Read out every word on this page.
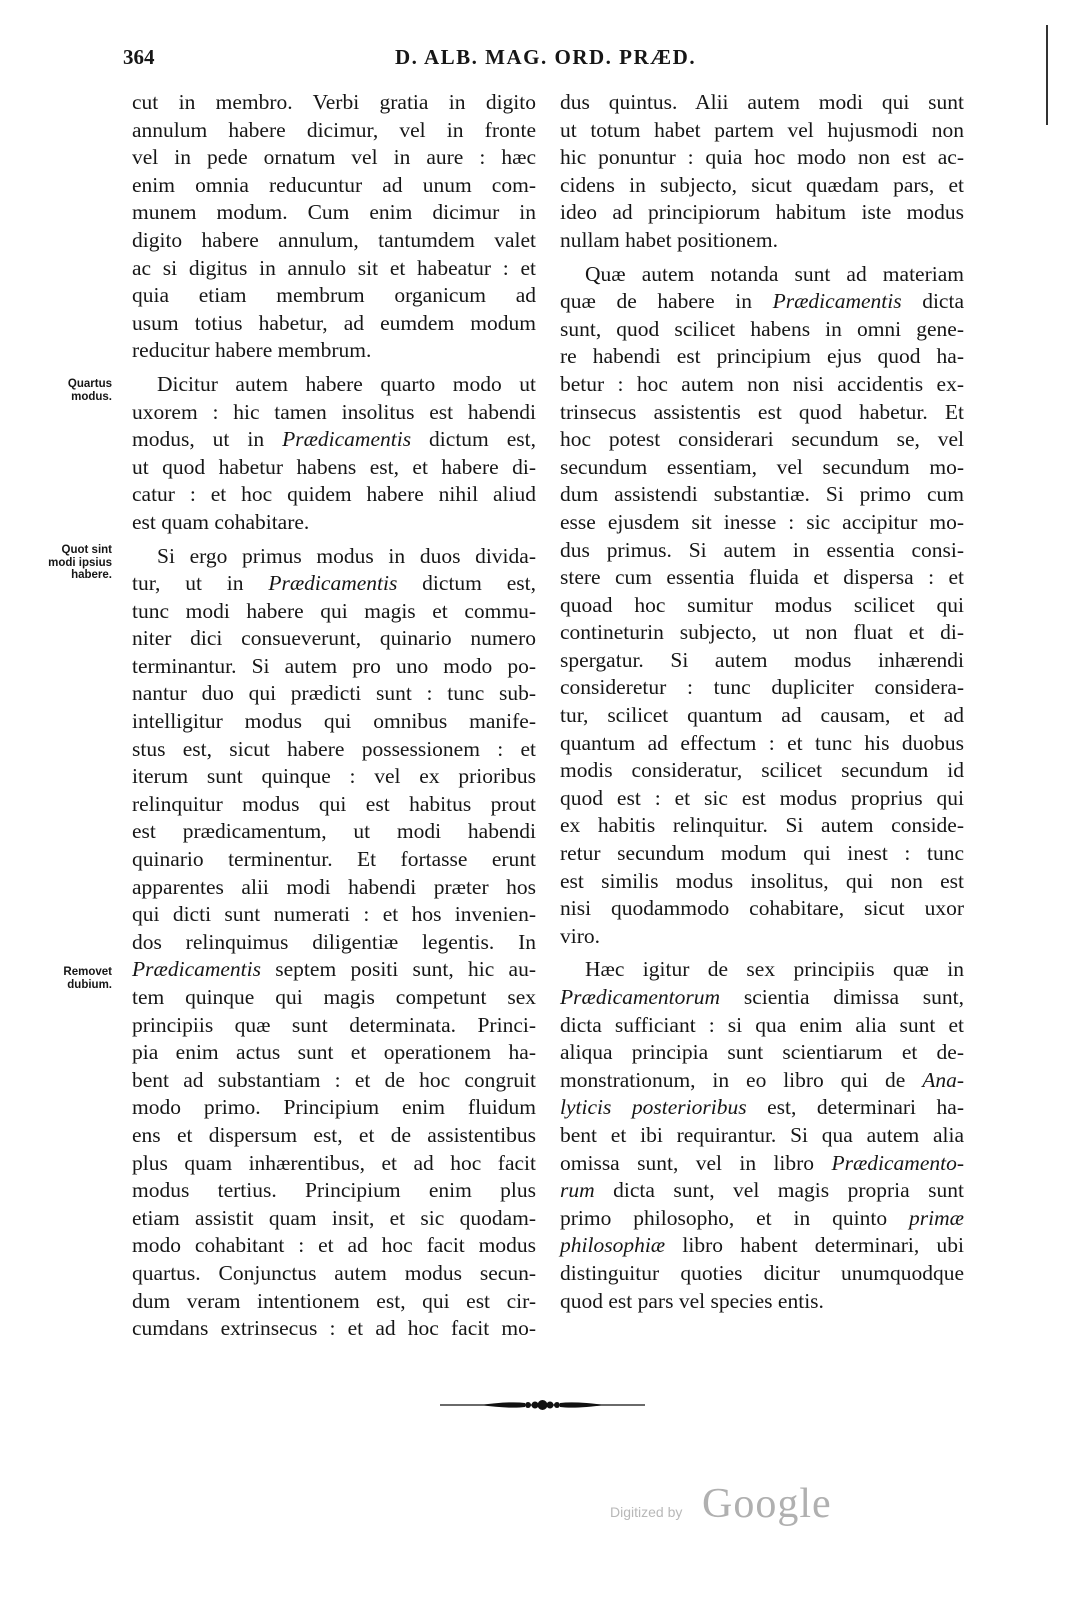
364	D. ALB. MAG. ORD. PRÆD.

cut in membro. Verbi gratia in digito
annulum habere dicimur, vel in fronte
vel in pede ornatum vel in aure : hæc
enim omnia reducuntur ad unum com-
munem modum. Cum enim dicimur in
digito habere annulum, tantumdem valet
ac si digitus in annulo sit et habeatur : et
quia etiam membrum organicum ad
usum totius habetur, ad eumdem modum
reducitur habere membrum.

Dicitur autem habere quarto modo ut
uxorem : hic tamen insolitus est habendi
modus, ut in Prædicamentis dictum est,
ut quod habetur habens est, et habere di-
catur : et hoc quidem habere nihil aliud
est quam cohabitare.

Si ergo primus modus in duos divida-
tur, ut in Prædicamentis dictum est,
tunc modi habere qui magis et commu-
niter dici consueverunt, quinario numero
terminantur. Si autem pro uno modo po-
nantur duo qui prædicti sunt : tunc sub-
intelligitur modus qui omnibus manife-
stus est, sicut habere possessionem : et
iterum sunt quinque : vel ex prioribus
relinquitur modus qui est habitus prout
est prædicamentum, ut modi habendi
quinario terminentur. Et fortasse erunt
apparentes alii modi habendi præter hos
qui dicti sunt numerati : et hos invenien-
dos relinquimus diligentiæ legentis. In
Prædicamentis septem positi sunt, hic au-
tem quinque qui magis competunt sex
principiis quæ sunt determinata. Princi-
pia enim actus sunt et operationem ha-
bent ad substantiam : et de hoc congruit
modo primo. Principium enim fluidum
ens et dispersum est, et de assistentibus
plus quam inhærentibus, et ad hoc facit
modus tertius. Principium enim plus
etiam assistit quam insit, et sic quodam-
modo cohabitant : et ad hoc facit modus
quartus. Conjunctus autem modus secun-
dum veram intentionem est, qui est cir-
cumdans extrinsecus : et ad hoc facit mo-

Quartus
modus.
Quot sint
modi ipsius
habere.
Removet
dubium.

dus quintus. Alii autem modi qui sunt
ut totum habet partem vel hujusmodi non
hic ponuntur : quia hoc modo non est ac-
cidens in subjecto, sicut quædam pars, et
ideo ad principiorum habitum iste modus
nullam habet positionem.

Quæ autem notanda sunt ad materiam
quæ de habere in Prædicamentis dicta
sunt, quod scilicet habens in omni gene-
re habendi est principium ejus quod ha-
betur : hoc autem non nisi accidentis ex-
trinsecus assistentis est quod habetur. Et
hoc potest considerari secundum se, vel
secundum essentiam, vel secundum mo-
dum assistendi substantiæ. Si primo cum
esse ejusdem sit inesse : sic accipitur mo-
dus primus. Si autem in essentia consi-
stere cum essentia fluida et dispersa : et
quoad hoc sumitur modus scilicet qui
contineturin subjecto, ut non fluat et di-
spergatur. Si autem modus inhærendi
consideretur : tunc dupliciter considera-
tur, scilicet quantum ad causam, et ad
quantum ad effectum : et tunc his duobus
modis consideratur, scilicet secundum id
quod est : et sic est modus proprius qui
ex habitis relinquitur. Si autem conside-
retur secundum modum qui inest : tunc
est similis modus insolitus, qui non est
nisi quodammodo cohabitare, sicut uxor
viro.

Hæc igitur de sex principiis quæ in
Prædicamentorum scientia dimissa sunt,
dicta sufficiant : si qua enim alia sunt et
aliqua principia sunt scientiarum et de-
monstrationum, in eo libro qui de Ana-
lyticis posterioribus est, determinari ha-
bent et ibi requirantur. Si qua autem alia
omissa sunt, vel in libro Prædicamento-
rum dicta sunt, vel magis propria sunt
primo philosopho, et in quinto primæ
philosophiæ libro habent determinari, ubi
distinguitur quoties dicitur unumquodque
quod est pars vel species entis.

Digitized by Google
